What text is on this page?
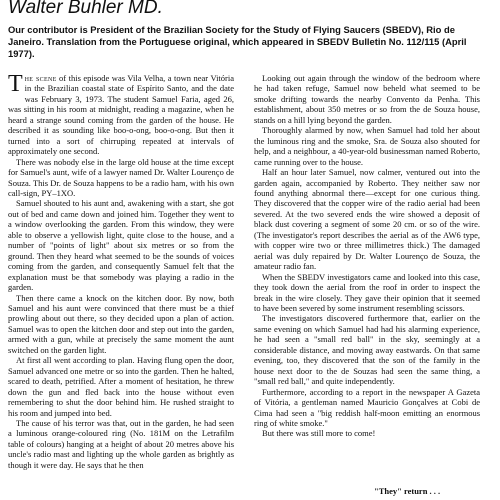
Walter Buhler MD.
Our contributor is President of the Brazilian Society for the Study of Flying Saucers (SBEDV), Rio de Janeiro. Translation from the Portuguese original, which appeared in SBEDV Bulletin No. 112/115 (April 1977).

The scene of this episode was Vila Velha, a town near Vitória in the Brazilian coastal state of Espírito Santo, and the date was February 3, 1973. The student Samuel Faria, aged 26, was sitting in his room at midnight, reading a magazine, when he heard a strange sound coming from the garden of the house. He described it as sounding like boo-o-ong, boo-o-ong. But then it turned into a sort of chirruping repeated at intervals of approximately one second.

There was nobody else in the large old house at the time except for Samuel's aunt, wife of a lawyer named Dr. Walter Lourenço de Souza. This Dr. de Souza happens to be a radio ham, with his own call-sign, PY–1XO.

Samuel shouted to his aunt and, awakening with a start, she got out of bed and came down and joined him. Together they went to a window overlooking the garden. From this window, they were able to observe a yellowish light, quite close to the house, and a number of "points of light" about six metres or so from the ground. Then they heard what seemed to be the sounds of voices coming from the garden, and consequently Samuel felt that the explanation must be that somebody was playing a radio in the garden.

Then there came a knock on the kitchen door. By now, both Samuel and his aunt were convinced that there must be a thief prowling about out there, so they decided upon a plan of action. Samuel was to open the kitchen door and step out into the garden, armed with a gun, while at precisely the same moment the aunt switched on the garden light.

At first all went according to plan. Having flung open the door, Samuel advanced one metre or so into the garden. Then he halted, scared to death, petrified. After a moment of hesitation, he threw down the gun and fled back into the house without even remembering to shut the door behind him. He rushed straight to his room and jumped into bed.

The cause of his terror was that, out in the garden, he had seen a luminous orange-coloured ring (No. 181M on the Letrafilm table of colours) hanging at a height of about 20 metres above his uncle's radio mast and lighting up the whole garden as brightly as though it were day. He says that he then

Looking out again through the window of the bedroom where he had taken refuge, Samuel now beheld what seemed to be smoke drifting towards the nearby Convento da Penha. This establishment, about 350 metres or so from the de Souza house, stands on a hill lying beyond the garden.

Thoroughly alarmed by now, when Samuel had told her about the luminous ring and the smoke, Sra. de Souza also shouted for help, and a neighbour, a 40-year-old businessman named Roberto, came running over to the house.

Half an hour later Samuel, now calmer, ventured out into the garden again, accompanied by Roberto. They neither saw nor found anything abnormal there—except for one curious thing. They discovered that the copper wire of the radio aerial had been severed. At the two severed ends the wire showed a deposit of black dust covering a segment of some 20 cm. or so of the wire. (The investigator's report describes the aerial as of the AW6 type, with copper wire two or three millimetres thick.) The damaged aerial was duly repaired by Dr. Walter Lourenço de Souza, the amateur radio fan.

When the SBEDV investigators came and looked into this case, they took down the aerial from the roof in order to inspect the break in the wire closely. They gave their opinion that it seemed to have been severed by some instrument resembling scissors.

The investigators discovered furthermore that, earlier on the same evening on which Samuel had had his alarming experience, he had seen a "small red ball" in the sky, seemingly at a considerable distance, and moving away eastwards. On that same evening, too, they discovered that the son of the family in the house next door to the de Souzas had seen the same thing, a "small red ball," and quite independently.

Furthermore, according to a report in the newspaper A Gazeta of Vitória, a gentleman named Mauricio Gonçalves at Cobi de Cima had seen a "big reddish half-moon emitting an enormous ring of white smoke."

But there was still more to come!

"They" return . . .
